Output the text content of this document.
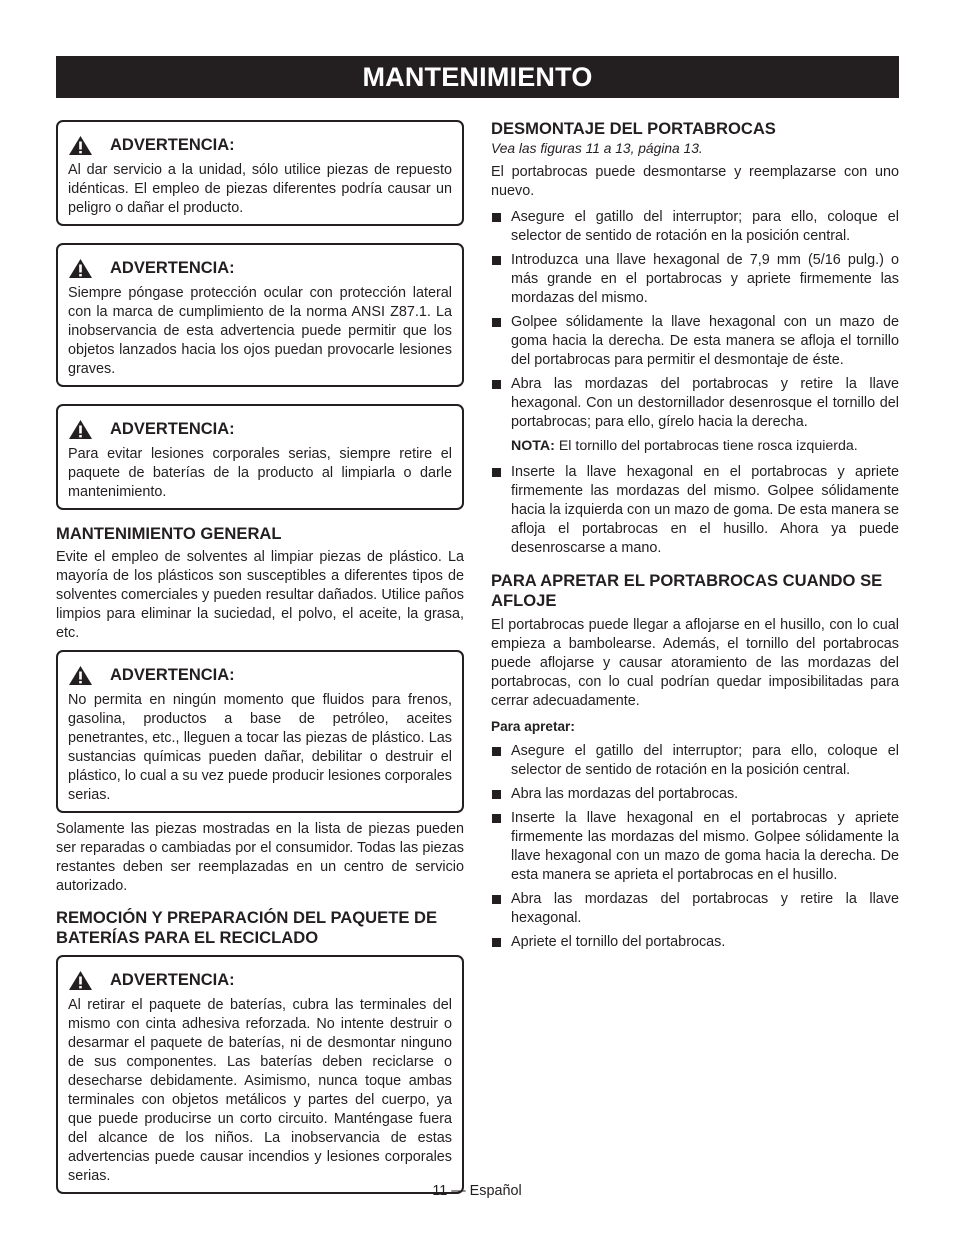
MANTENIMIENTO
ADVERTENCIA:
Al dar servicio a la unidad, sólo utilice piezas de repuesto idénticas. El empleo de piezas diferentes podría causar un peligro o dañar el producto.
ADVERTENCIA:
Siempre póngase protección ocular con protección lateral con la marca de cumplimiento de la norma ANSI Z87.1. La inobservancia de esta advertencia puede permitir que los objetos lanzados hacia los ojos puedan provocarle lesiones graves.
ADVERTENCIA:
Para evitar lesiones corporales serias, siempre retire el paquete de baterías de la producto al limpiarla o darle mantenimiento.
MANTENIMIENTO GENERAL
Evite el empleo de solventes al limpiar piezas de plástico. La mayoría de los plásticos son susceptibles a diferentes tipos de solventes comerciales y pueden resultar dañados. Utilice paños limpios para eliminar la suciedad, el polvo, el aceite, la grasa, etc.
ADVERTENCIA:
No permita en ningún momento que fluidos para frenos, gasolina, productos a base de petróleo, aceites penetrantes, etc., lleguen a tocar las piezas de plástico. Las sustancias químicas pueden dañar, debilitar o destruir el plástico, lo cual a su vez puede producir lesiones corporales serias.
Solamente las piezas mostradas en la lista de piezas pueden ser reparadas o cambiadas por el consumidor. Todas las piezas restantes deben ser reemplazadas en un centro de servicio autorizado.
REMOCIÓN Y PREPARACIÓN DEL PAQUETE DE BATERÍAS PARA EL RECICLADO
ADVERTENCIA:
Al retirar el paquete de baterías, cubra las terminales del mismo con cinta adhesiva reforzada. No intente destruir o desarmar el paquete de baterías, ni de desmontar ninguno de sus componentes. Las baterías deben reciclarse o desecharse debidamente. Asimismo, nunca toque ambas terminales con objetos metálicos y partes del cuerpo, ya que puede producirse un corto circuito. Manténgase fuera del alcance de los niños. La inobservancia de estas advertencias puede causar incendios y lesiones corporales serias.
DESMONTAJE DEL PORTABROCAS
Vea las figuras 11 a 13, página 13.
El portabrocas puede desmontarse y reemplazarse con uno nuevo.
Asegure el gatillo del interruptor; para ello, coloque el selector de sentido de rotación en la posición central.
Introduzca una llave hexagonal de 7,9 mm (5/16 pulg.) o más grande en el portabrocas y apriete firmemente las mordazas del mismo.
Golpee sólidamente la llave hexagonal con un mazo de goma hacia la derecha. De esta manera se afloja el tornillo del portabrocas para permitir el desmontaje de éste.
Abra las mordazas del portabrocas y retire la llave hexagonal. Con un destornillador desenrosque el tornillo del portabrocas; para ello, gírelo hacia la derecha.
NOTA: El tornillo del portabrocas tiene rosca izquierda.
Inserte la llave hexagonal en el portabrocas y apriete firmemente las mordazas del mismo. Golpee sólidamente hacia la izquierda con un mazo de goma. De esta manera se afloja el portabrocas en el husillo. Ahora ya puede desenroscarse a mano.
PARA APRETAR EL PORTABROCAS CUANDO SE AFLOJE
El portabrocas puede llegar a aflojarse en el husillo, con lo cual empieza a bambolearse. Además, el tornillo del portabrocas puede aflojarse y causar atoramiento de las mordazas del portabrocas, con lo cual podrían quedar imposibilitadas para cerrar adecuadamente.
Para apretar:
Asegure el gatillo del interruptor; para ello, coloque el selector de sentido de rotación en la posición central.
Abra las mordazas del portabrocas.
Inserte la llave hexagonal en el portabrocas y apriete firmemente las mordazas del mismo. Golpee sólidamente la llave hexagonal con un mazo de goma hacia la derecha. De esta manera se aprieta el portabrocas en el husillo.
Abra las mordazas del portabrocas y retire la llave hexagonal.
Apriete el tornillo del portabrocas.
11 — Español
